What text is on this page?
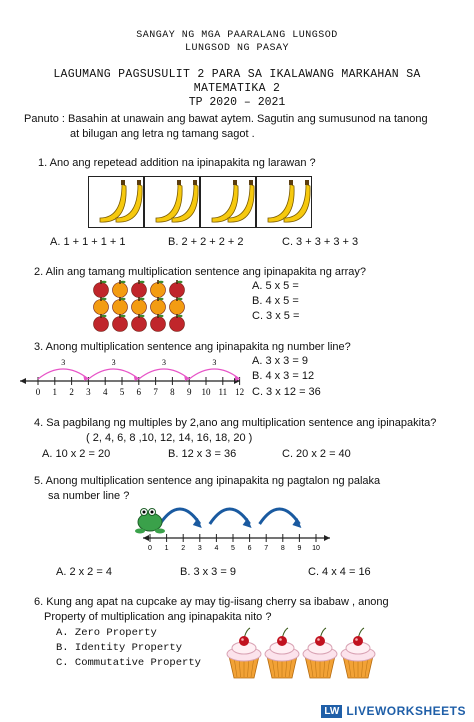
SANGAY NG MGA PAARALANG LUNGSOD
LUNGSOD NG PASAY
LAGUMANG PAGSUSULIT 2 PARA SA IKALAWANG MARKAHAN SA
MATEMATIKA 2
TP 2020 – 2021
Panuto : Basahin at unawain ang bawat aytem. Sagutin ang sumusunod na tanong
at bilugan ang letra ng tamang sagot .
1. Ano ang repetead addition na ipinapakita ng larawan ?
A. 1 + 1 + 1 + 1	B. 2 + 2 + 2 + 2	C. 3 + 3 + 3 + 3
2. Alin ang tamang multiplication sentence ang ipinapakita ng array?
A. 5 x 5 =
B. 4 x 5 =
C. 3 x 5 =
3. Anong multiplication sentence ang ipinapakita ng number line?
0 1 2 3 4 5 6 7 8 9 10 11 12
3	3	3	3	A. 3 x 3 = 9
B. 4 x 3 = 12
C. 3 x 12 = 36
4. Sa pagbilang ng multiples by 2,ano ang multiplication sentence ang ipinapakita?
( 2, 4, 6, 8 ,10, 12, 14, 16, 18, 20 )
A. 10 x 2 = 20	B. 12 x 3 = 36	C. 20 x 2 = 40
5. Anong multiplication sentence ang ipinapakita ng pagtalon ng palaka
sa number line ?
0 1 2 3 4 5 6 7 8 9 10
A. 2 x 2 = 4	B. 3 x 3 = 9	C. 4 x 4 = 16
6. Kung ang apat na cupcake ay may tig-iisang cherry sa ibabaw , anong
Property of multiplication ang ipinapakita nito ?
A. Zero Property
B. Identity Property
C. Commutative Property
LW LIVEWORKSHEETS
